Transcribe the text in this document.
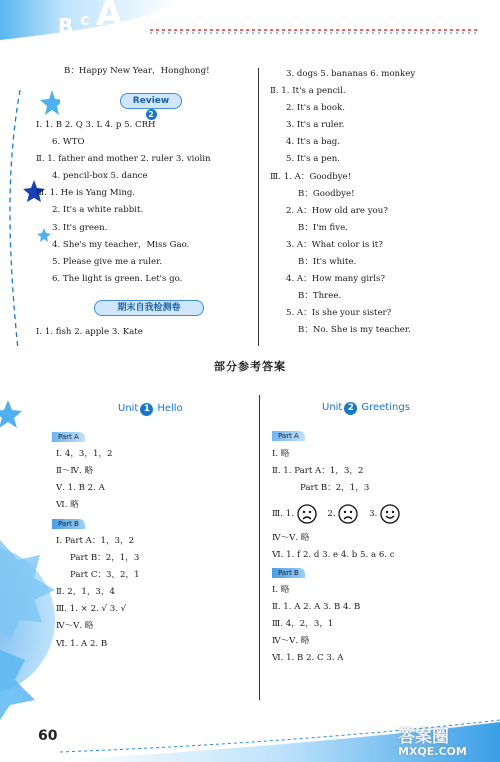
B c A
B：Happy New Year，Honghong!
Review
2
Ⅰ. 1. B 2. Q 3. L 4. p 5. CRH
6. WTO
Ⅱ. 1. father and mother 2. ruler 3. violin
4. pencil-box 5. dance
Ⅲ. 1. He is Yang Ming.
2. It's a white rabbit.
3. It's green.
4. She's my teacher，Miss Gao.
5. Please give me a ruler.
6. The light is green. Let's go.
期末自我检测卷
Ⅰ. 1. fish 2. apple 3. Kate
3. dogs 5. bananas 6. monkey
Ⅱ. 1. It's a pencil.
2. It's a book.
3. It's a ruler.
4. It's a bag.
5. It's a pen.
Ⅲ. 1. A：Goodbye!
B：Goodbye!
2. A：How old are you?
B：I'm five.
3. A：What color is it?
B：It's white.
4. A：How many girls?
B：Three.
5. A：Is she your sister?
B：No. She is my teacher.
部分参考答案
Unit 1 Hello
Part A
Ⅰ. 4，3，1，2
Ⅱ～Ⅳ. 略
Ⅴ. 1. B 2. A
Ⅵ. 略
Part B
Ⅰ. Part A：1，3，2
Part B：2，1，3
Part C：3，2，1
Ⅱ. 2，1，3，4
Ⅲ. 1. × 2. √ 3. √
Ⅳ～Ⅴ. 略
Ⅵ. 1. A 2. B
Unit 2 Greetings
Part A
Ⅰ. 略
Ⅱ. 1. Part A：1，3，2
Part B：2，1，3
Ⅲ. 1.	2.	3.
Ⅳ～Ⅴ. 略
Ⅵ. 1. f 2. d 3. e 4. b 5. a 6. c
Part B
Ⅰ. 略
Ⅱ. 1. A 2. A 3. B 4. B
Ⅲ. 4，2，3，1
Ⅳ～Ⅴ. 略
Ⅵ. 1. B 2. C 3. A
60	答案圈
MXQE.COM
